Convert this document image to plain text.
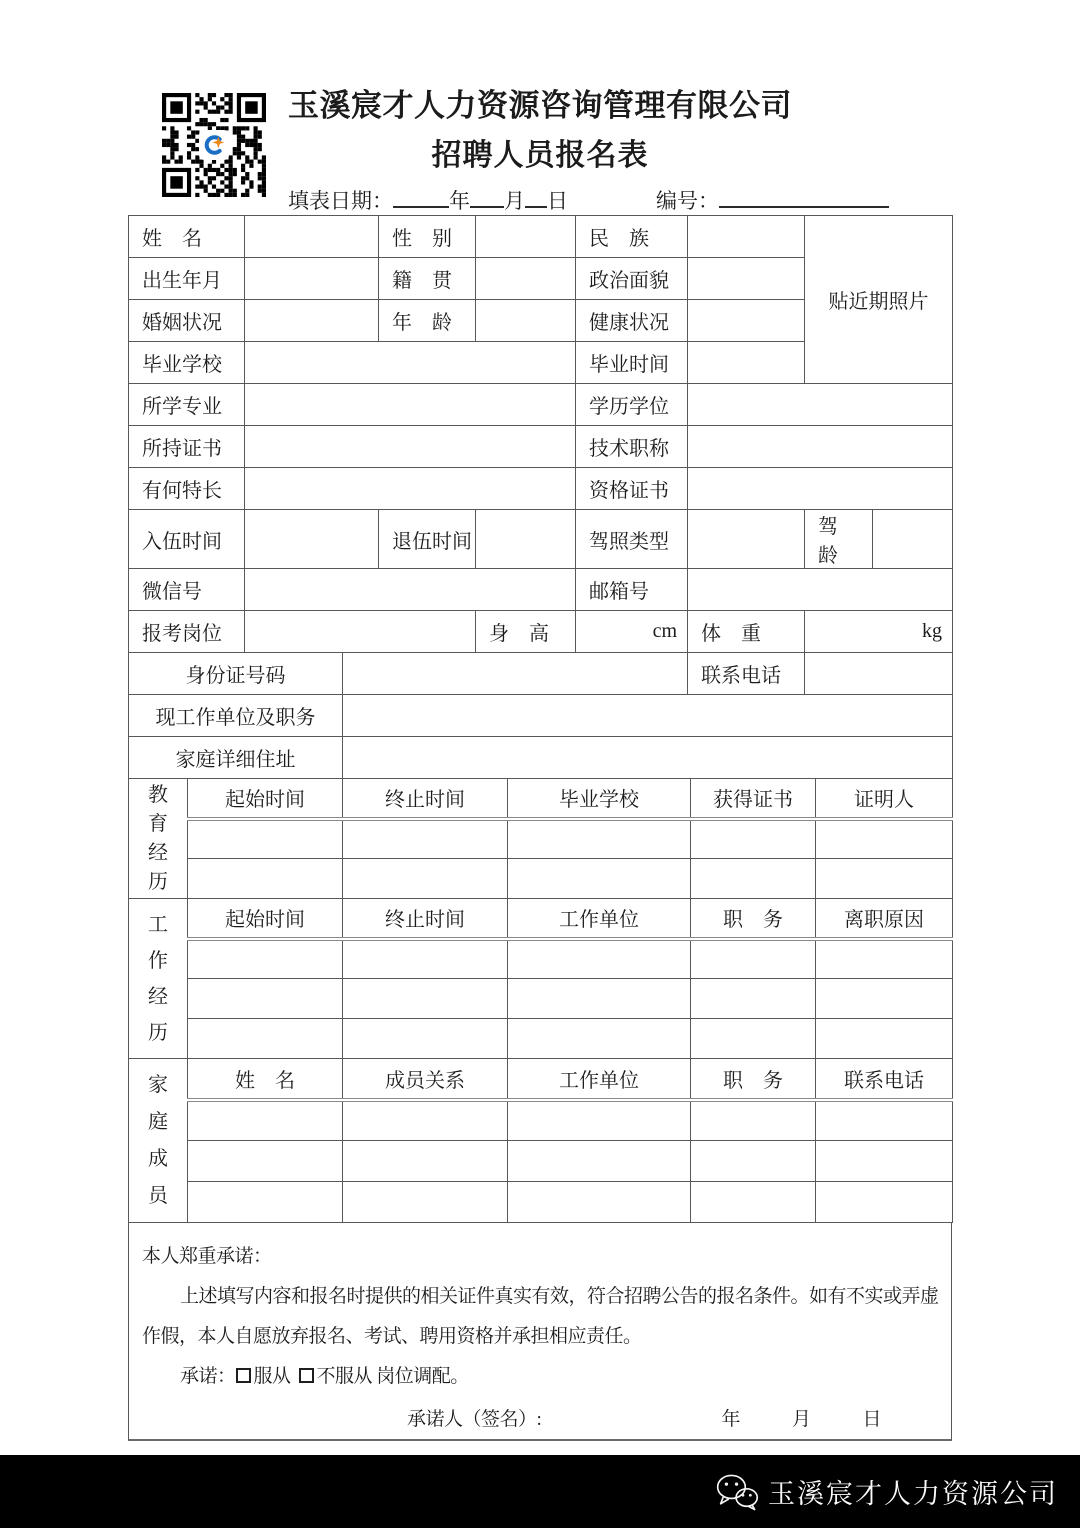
玉溪宸才人力资源咨询管理有限公司
招聘人员报名表
填表日期：	年 月 日	编号：
姓　名			性　别		民　族		贴近期照片	
出生年月			籍　贯		政治面貌			
婚姻状况			年　龄		健康状况			
毕业学校					毕业时间			
所学专业					学历学位			
所持证书					技术职称			
有何特长					资格证书			
入伍时间			退伍时间		驾照类型		驾　龄	
微信号					邮箱号			
报考岗位				身　高	cm	体　重	kg	
身份证号码						联系电话		
现工作单位及职务								
家庭详细住址								
教育经历	起始时间	终止时间	毕业学校	获得证书	证明人

工作经历	起始时间	终止时间	工作单位	职　务	离职原因

家庭成员	姓　名	成员关系	工作单位	职　务	联系电话

本人郑重承诺：
上述填写内容和报名时提供的相关证件真实有效，符合招聘公告的报名条件。如有不实或弄虚作假，本人自愿放弃报名、考试、聘用资格并承担相应责任。
承诺： 服从 不服从 岗位调配。
承诺人（签名）:	年	月	日
玉溪宸才人力资源公司
